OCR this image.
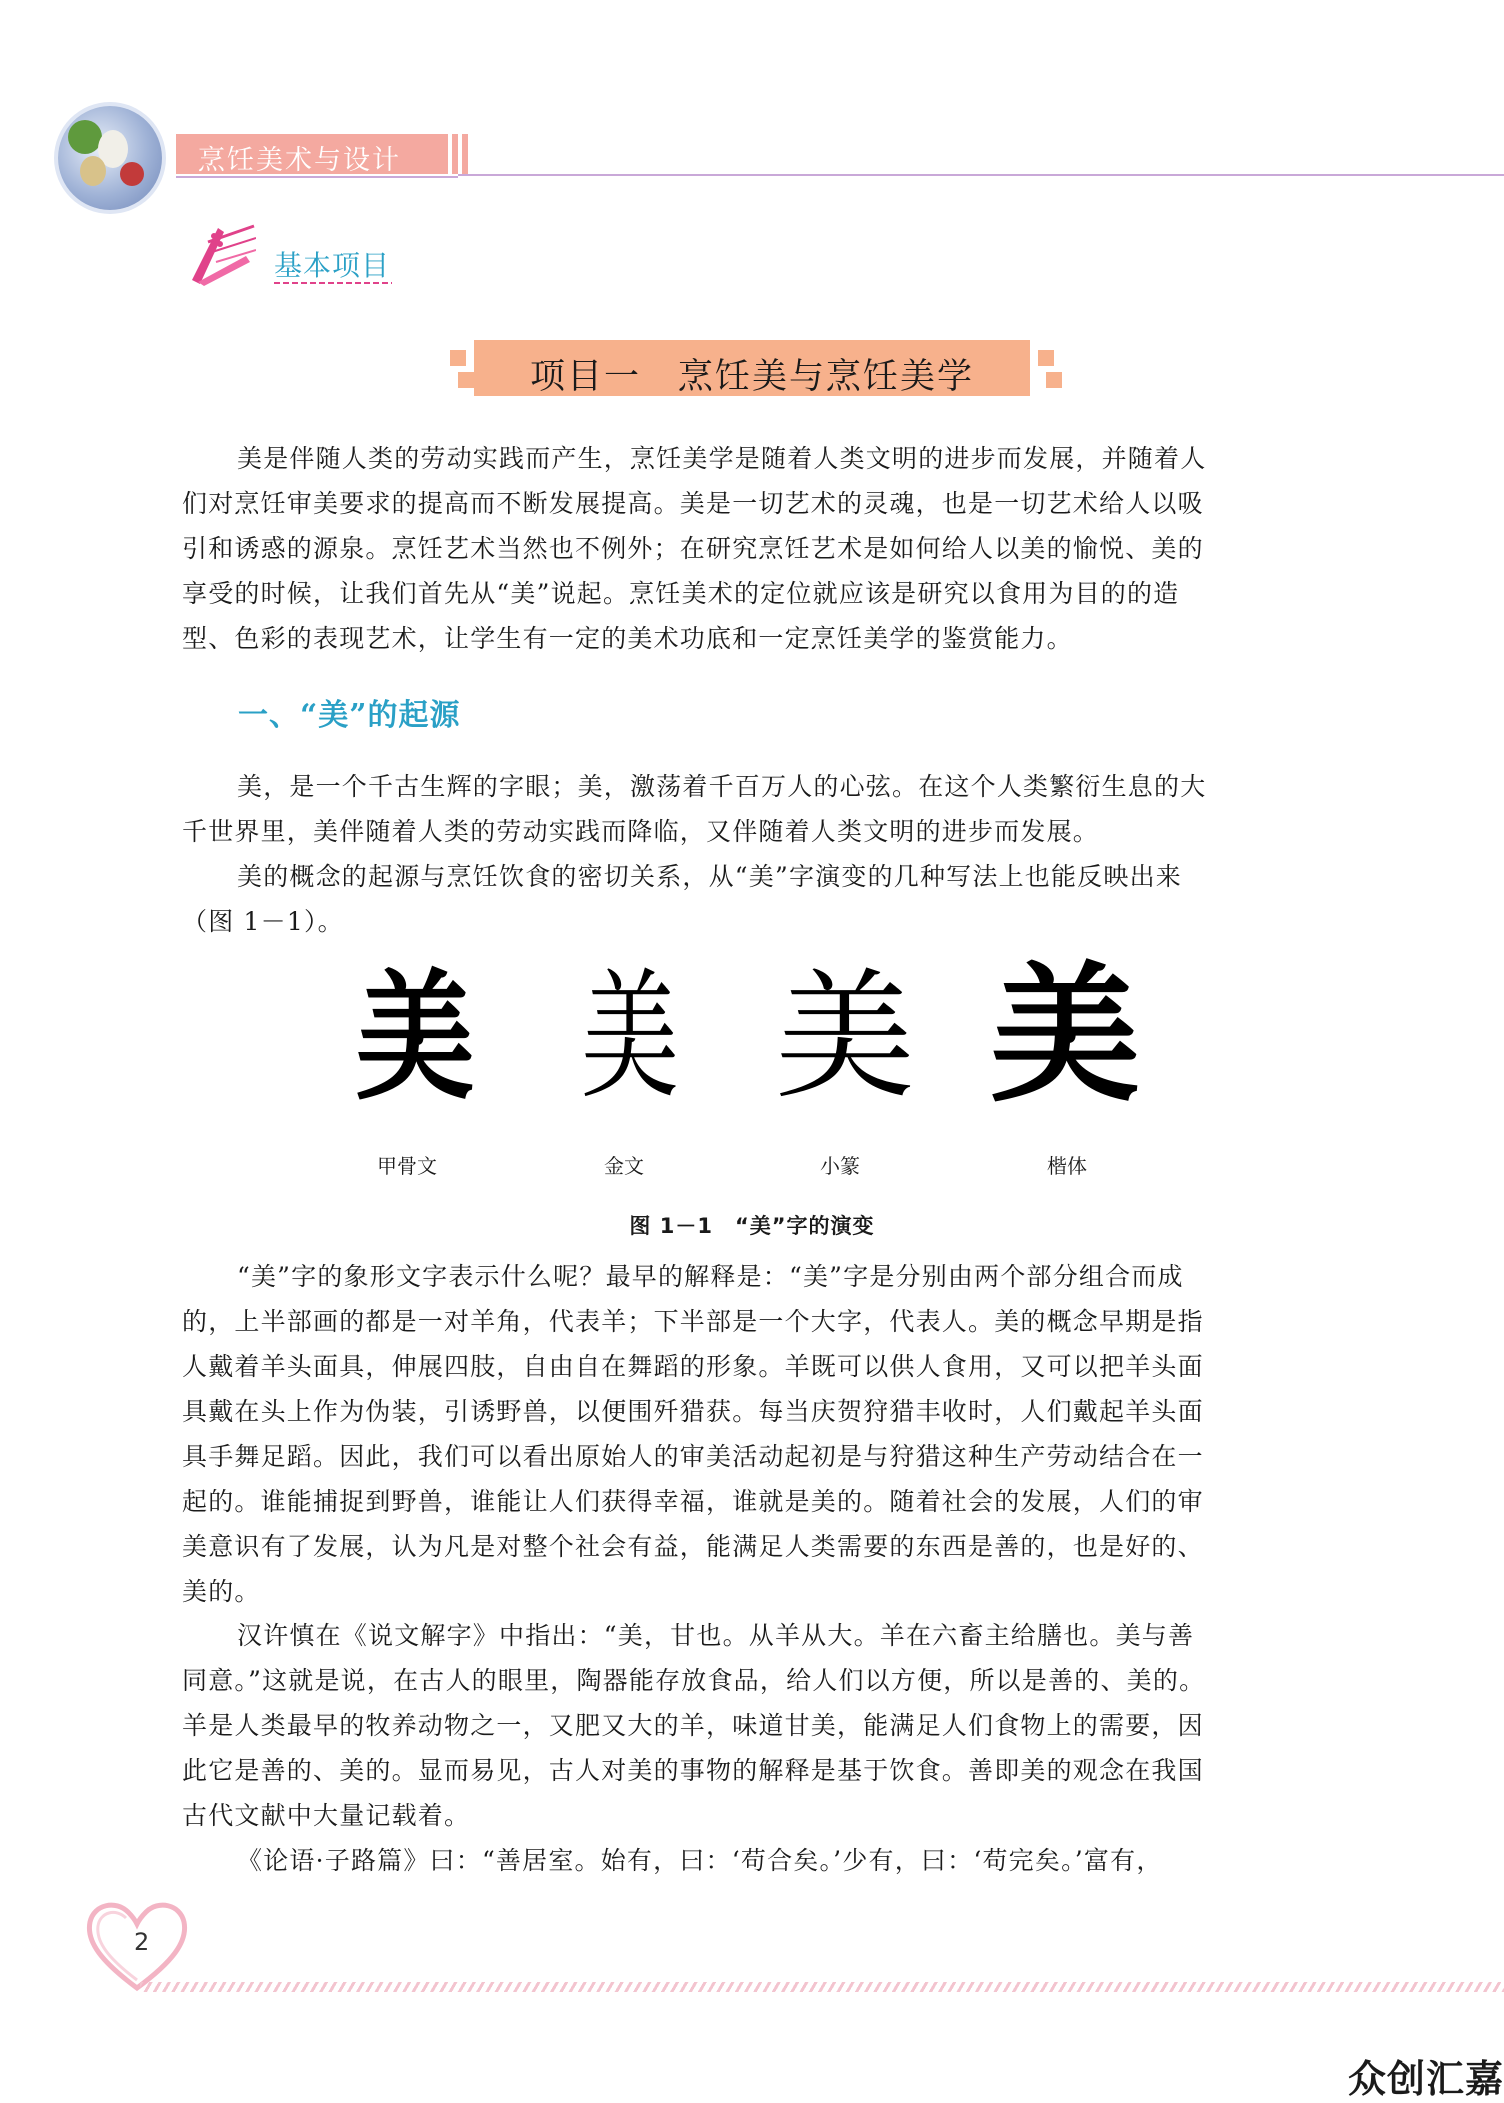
烹饪美术与设计
基本项目
项目一　烹饪美与烹饪美学
美是伴随人类的劳动实践而产生，烹饪美学是随着人类文明的进步而发展，并随着人
们对烹饪审美要求的提高而不断发展提高。美是一切艺术的灵魂，也是一切艺术给人以吸
引和诱惑的源泉。烹饪艺术当然也不例外；在研究烹饪艺术是如何给人以美的愉悦、美的
享受的时候，让我们首先从“美”说起。烹饪美术的定位就应该是研究以食用为目的的造
型、色彩的表现艺术，让学生有一定的美术功底和一定烹饪美学的鉴赏能力。
一、“美”的起源
美，是一个千古生辉的字眼；美，激荡着千百万人的心弦。在这个人类繁衍生息的大
千世界里，美伴随着人类的劳动实践而降临，又伴随着人类文明的进步而发展。
美的概念的起源与烹饪饮食的密切关系，从“美”字演变的几种写法上也能反映出来
（图 1－1）。
美 美 美 美
甲骨文	金文	小篆	楷体
图 1－1　“美”字的演变
“美”字的象形文字表示什么呢？最早的解释是：“美”字是分别由两个部分组合而成
的，上半部画的都是一对羊角，代表羊；下半部是一个大字，代表人。美的概念早期是指
人戴着羊头面具，伸展四肢，自由自在舞蹈的形象。羊既可以供人食用，又可以把羊头面
具戴在头上作为伪装，引诱野兽，以便围歼猎获。每当庆贺狩猎丰收时，人们戴起羊头面
具手舞足蹈。因此，我们可以看出原始人的审美活动起初是与狩猎这种生产劳动结合在一
起的。谁能捕捉到野兽，谁能让人们获得幸福，谁就是美的。随着社会的发展，人们的审
美意识有了发展，认为凡是对整个社会有益，能满足人类需要的东西是善的，也是好的、
美的。
汉许慎在《说文解字》中指出：“美，甘也。从羊从大。羊在六畜主给膳也。美与善
同意。”这就是说，在古人的眼里，陶器能存放食品，给人们以方便，所以是善的、美的。
羊是人类最早的牧养动物之一，又肥又大的羊，味道甘美，能满足人们食物上的需要，因
此它是善的、美的。显而易见，古人对美的事物的解释是基于饮食。善即美的观念在我国
古代文献中大量记载着。
《论语·子路篇》曰：“善居室。始有，曰：‘苟合矣。’少有，曰：‘苟完矣。’富有，
2
众创汇嘉
